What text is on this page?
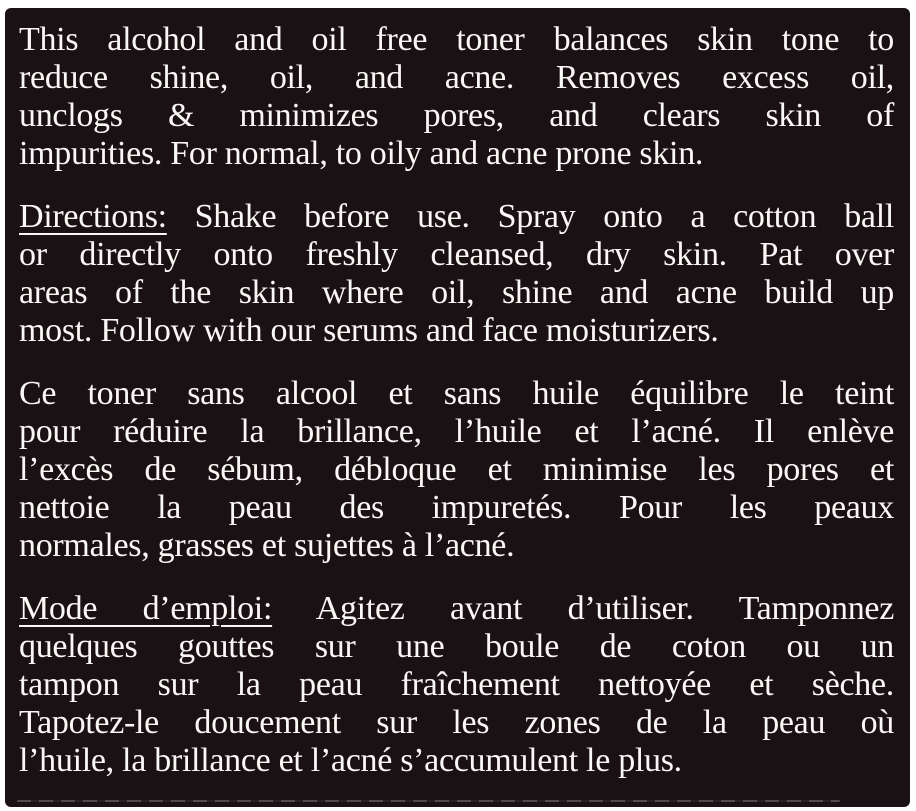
This alcohol and oil free toner balances skin tone to
reduce shine, oil, and acne. Removes excess oil,
unclogs & minimizes pores, and clears skin of
impurities. For normal, to oily and acne prone skin.
Directions: Shake before use. Spray onto a cotton ball
or directly onto freshly cleansed, dry skin. Pat over
areas of the skin where oil, shine and acne build up
most. Follow with our serums and face moisturizers.
Ce toner sans alcool et sans huile équilibre le teint
pour réduire la brillance, l’huile et l’acné. Il enlève
l’excès de sébum, débloque et minimise les pores et
nettoie la peau des impuretés. Pour les peaux
normales, grasses et sujettes à l’acné.
Mode d’emploi: Agitez avant d’utiliser. Tamponnez
quelques gouttes sur une boule de coton ou un
tampon sur la peau fraîchement nettoyée et sèche.
Tapotez-le doucement sur les zones de la peau où
l’huile, la brillance et l’acné s’accumulent le plus.
